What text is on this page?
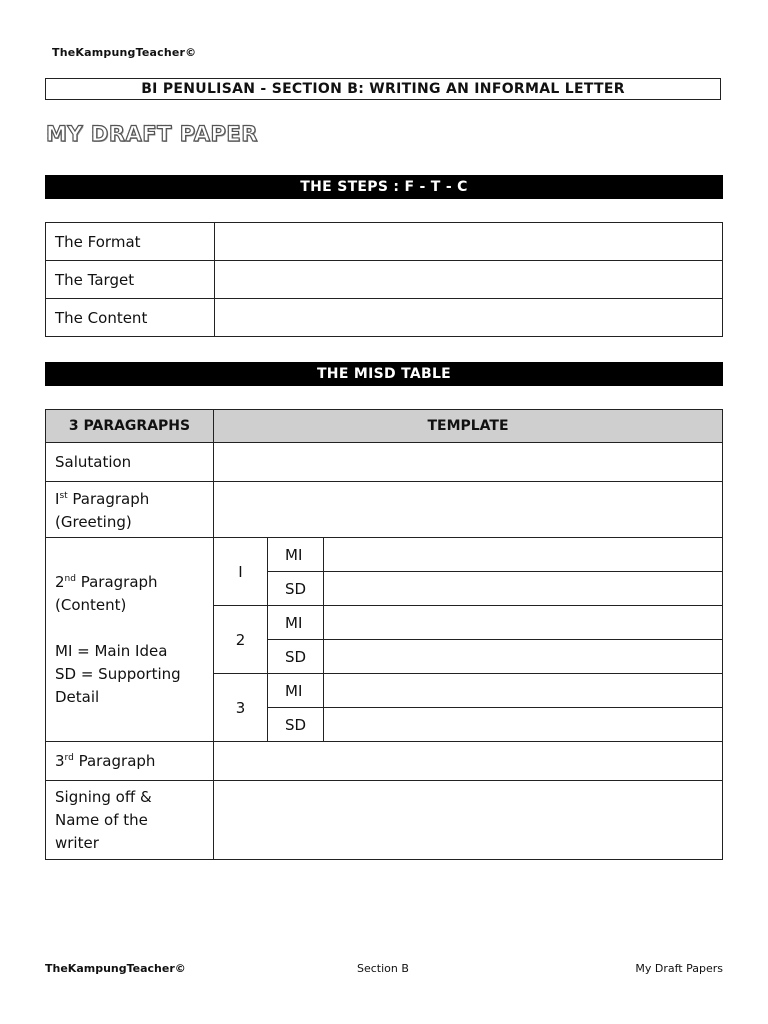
TheKampungTeacher©
BI PENULISAN - SECTION B: WRITING AN INFORMAL LETTER
MY DRAFT PAPER
THE STEPS : F - T - C
The Format	
The Target	
The Content	
THE MISD TABLE
3 PARAGRAPHS	TEMPLATE		
Salutation			
Ist Paragraph
(Greeting)			
2nd Paragraph
(Content)

MI = Main Idea
SD = Supporting
Detail	I	MI	
		SD	
	2	MI	
		SD	
	3	MI	
		SD	
3rd Paragraph			
Signing off &
Name of the
writer			
TheKampungTeacher©	Section B	My Draft Papers
